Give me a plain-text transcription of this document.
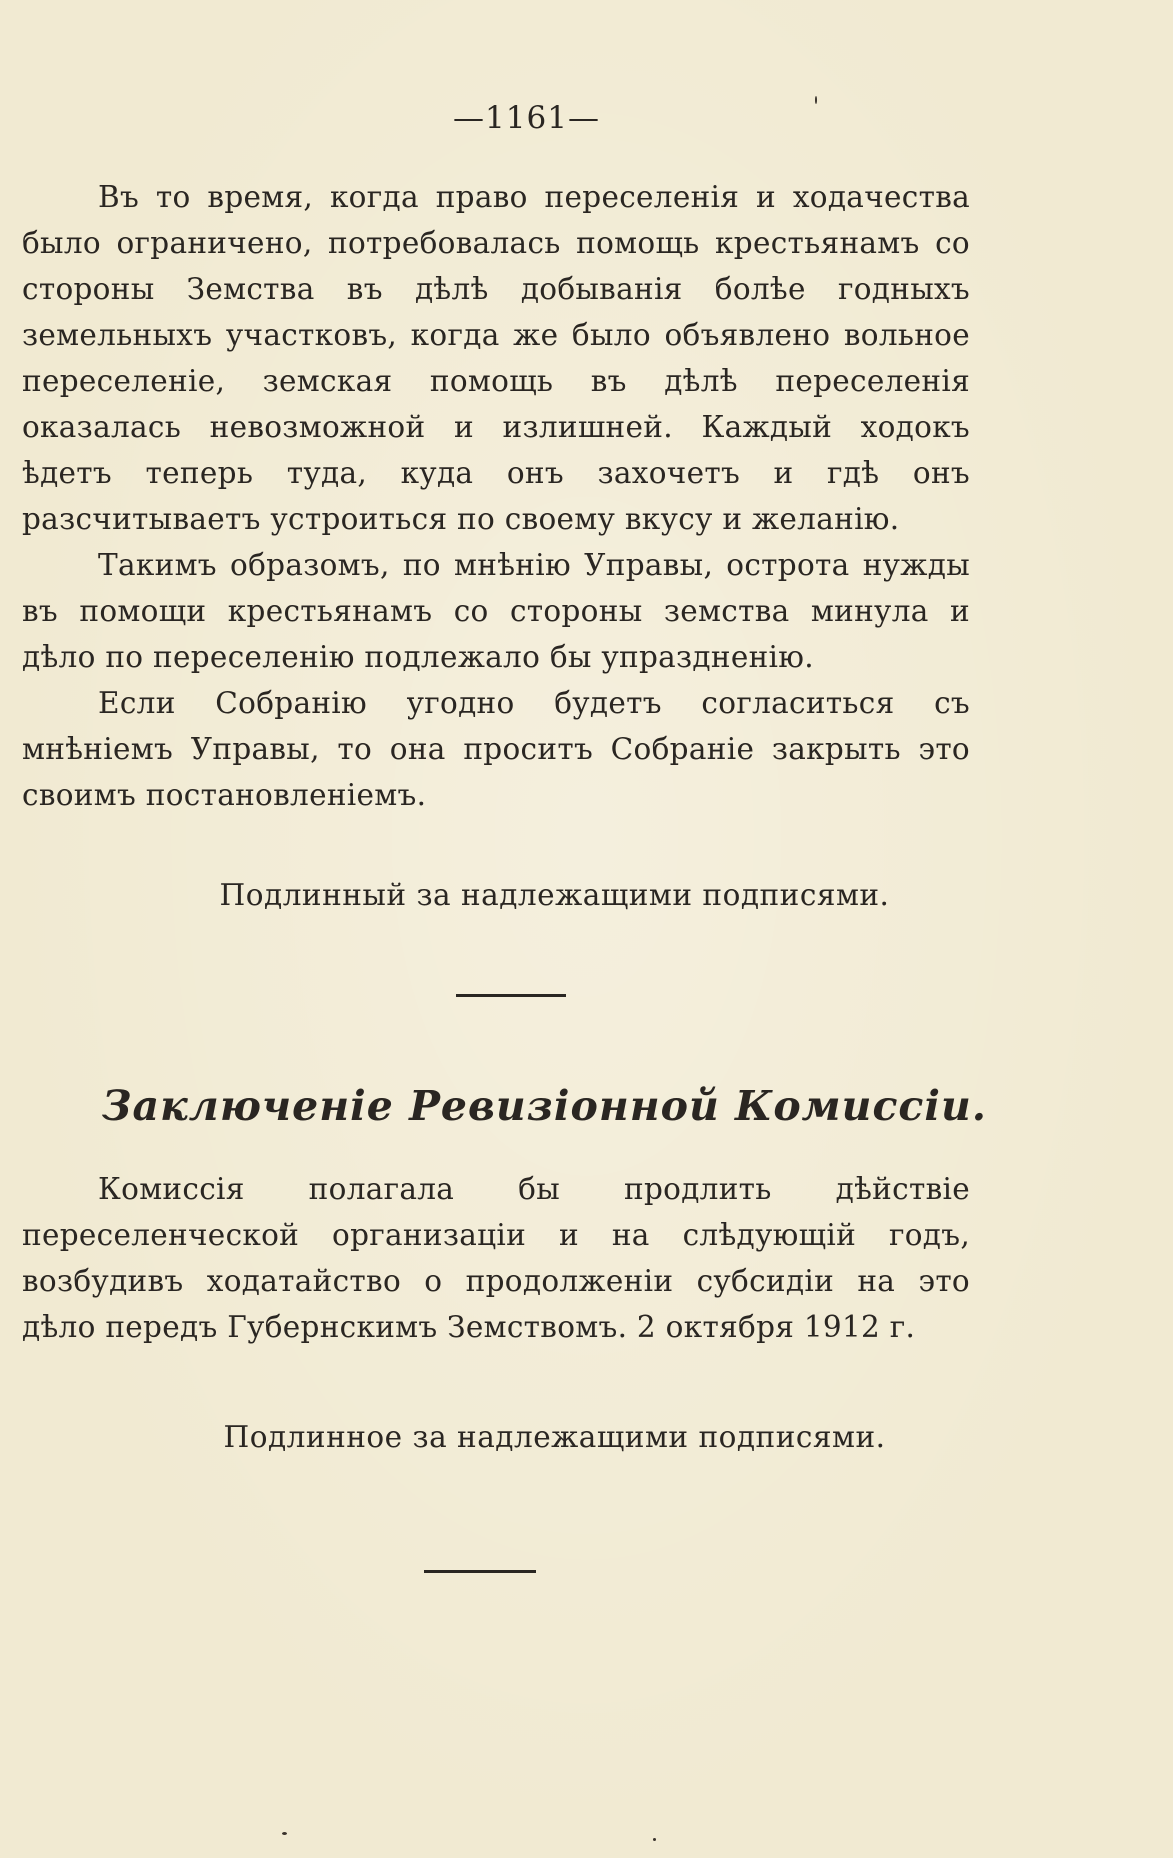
—1161—

Въ то время, когда право переселенія и ходачества было ограничено, потребовалась помощь крестьянамъ со стороны Земства въ дѣлѣ добыванія болѣе годныхъ земельныхъ участковъ, когда же было объявлено вольное переселеніе, земская помощь въ дѣлѣ переселенія оказалась невозможной и излишней. Каждый ходокъ ѣдетъ теперь туда, куда онъ захочетъ и гдѣ онъ разсчитываетъ устроиться по своему вкусу и желанію.

Такимъ образомъ, по мнѣнію Управы, острота нужды въ помощи крестьянамъ со стороны земства минула и дѣло по переселенію подлежало бы упраздненію.

Если Собранію угодно будетъ согласиться съ мнѣніемъ Управы, то она проситъ Собраніе закрыть это своимъ постановленіемъ.

Подлинный за надлежащими подписями.
Заключеніе Ревизіонной Комиссіи.

Комиссія полагала бы продлить дѣйствіе переселенческой организаціи и на слѣдующій годъ, возбудивъ ходатайство о продолженіи субсидіи на это дѣло передъ Губернскимъ Земствомъ. 2 октября 1912 г.

Подлинное за надлежащими подписями.
